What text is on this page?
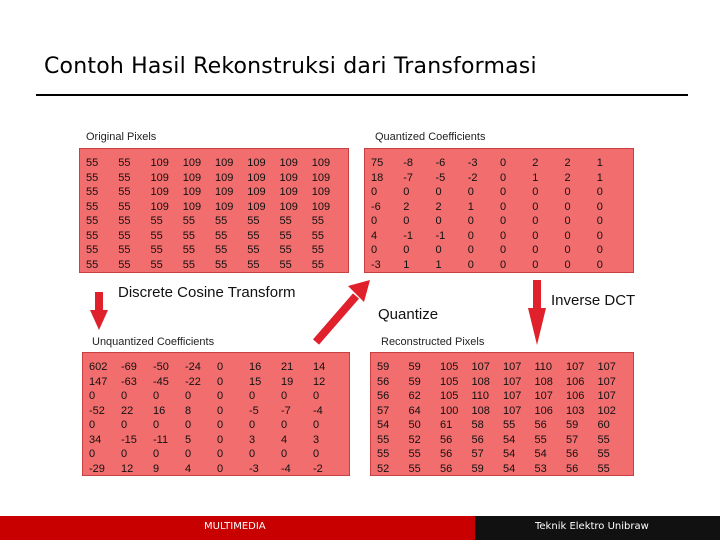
Contoh Hasil Rekonstruksi dari Transformasi
Original Pixels
55	55	109	109	109	109	109	109
55	55	109	109	109	109	109	109
55	55	109	109	109	109	109	109
55	55	109	109	109	109	109	109
55	55	55	55	55	55	55	55
55	55	55	55	55	55	55	55
55	55	55	55	55	55	55	55
55	55	55	55	55	55	55	55
Quantized Coefficients
75	-8	-6	-3	0	2	2	1
18	-7	-5	-2	0	1	2	1
0	0	0	0	0	0	0	0
-6	2	2	1	0	0	0	0
0	0	0	0	0	0	0	0
4	-1	-1	0	0	0	0	0
0	0	0	0	0	0	0	0
-3	1	1	0	0	0	0	0
Unquantized Coefficients
602	-69	-50	-24	0	16	21	14
147	-63	-45	-22	0	15	19	12
0	0	0	0	0	0	0	0
-52	22	16	8	0	-5	-7	-4
0	0	0	0	0	0	0	0
34	-15	-11	5	0	3	4	3
0	0	0	0	0	0	0	0
-29	12	9	4	0	-3	-4	-2
Reconstructed Pixels
59	59	105	107	107	110	107	107
56	59	105	108	107	108	106	107
56	62	105	110	107	107	106	107
57	64	100	108	107	106	103	102
54	50	61	58	55	56	59	60
55	52	56	56	54	55	57	55
55	55	56	57	54	54	56	55
52	55	56	59	54	53	56	55
Discrete Cosine Transform
Quantize
Inverse DCT
MULTIMEDIA	Teknik Elektro Unibraw
